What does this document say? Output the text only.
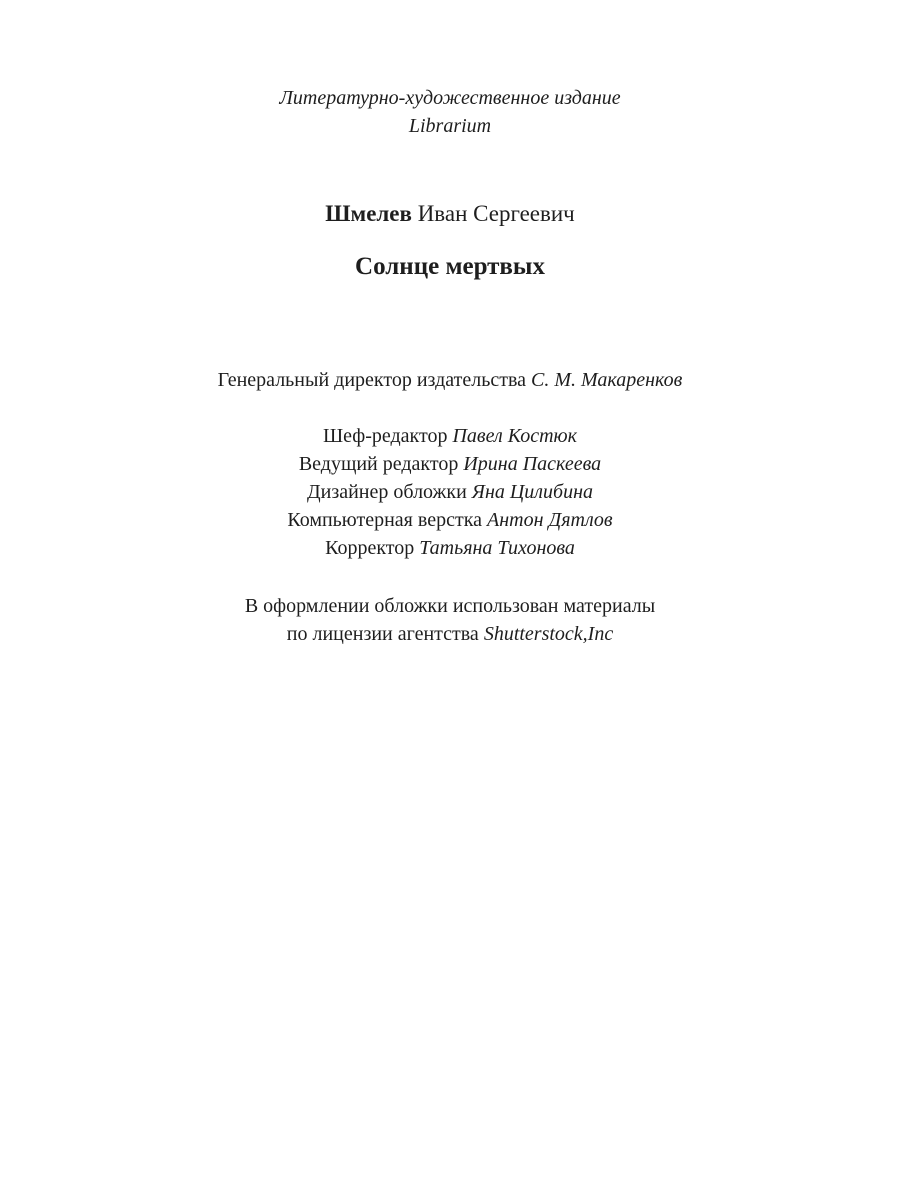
Литературно-художественное издание
Librarium
Шмелев Иван Сергеевич
Солнце мертвых
Генеральный директор издательства С. М. Макаренков
Шеф-редактор Павел Костюк
Ведущий редактор Ирина Паскеева
Дизайнер обложки Яна Цилибина
Компьютерная верстка Антон Дятлов
Корректор Татьяна Тихонова
В оформлении обложки использован материалы
по лицензии агентства Shutterstock,Inc
